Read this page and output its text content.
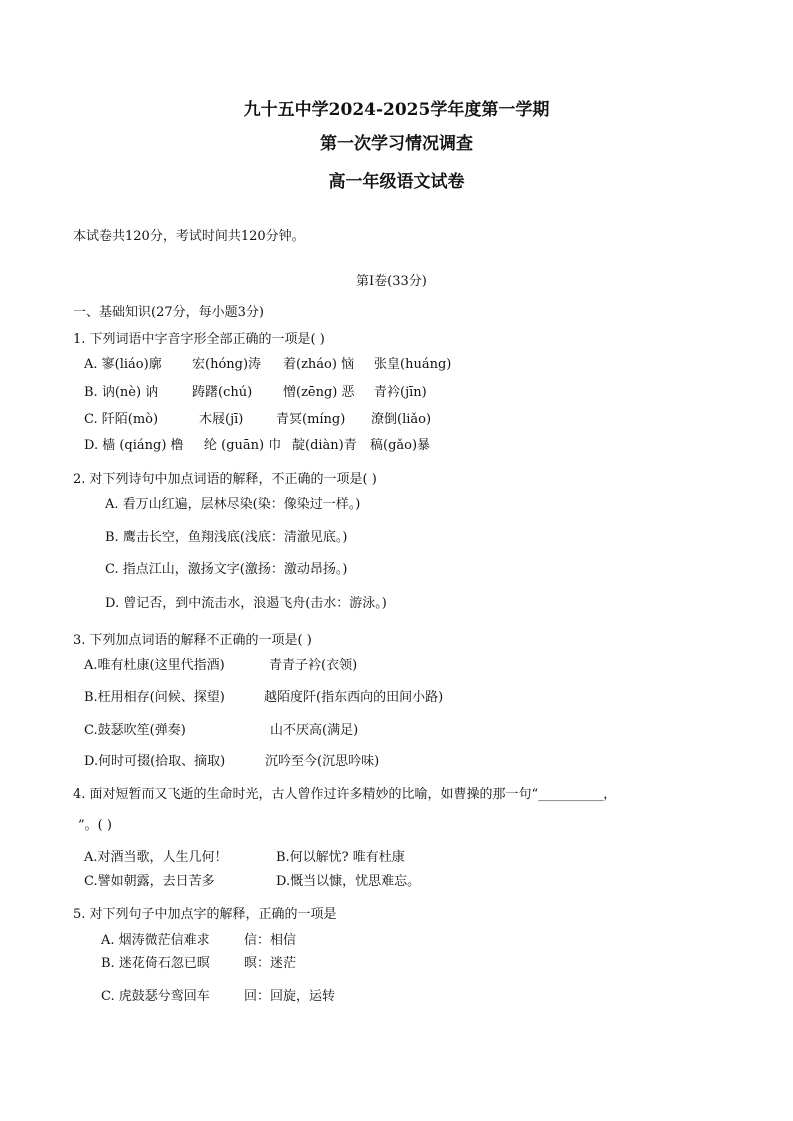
九十五中学2024-2025学年度第一学期
第一次学习情况调查
高一年级语文试卷
本试卷共120分，考试时间共120分钟。
第Ⅰ卷(33分)
一、基础知识(27分，每小题3分)
1. 下列词语中字音字形全部正确的一项是( )
A. 寥(liáo)廓 宏(hóng)涛 着(zháo) 恼 张皇(huáng)
B. 讷(nè) 讷	踌躇(chú) 憎(zēng) 恶 青衿(jīn)
C. 阡陌(mò)	木屐(jī)	青冥(míng) 潦倒(liǎo)
D. 樯 (qiáng) 橹 纶 (guān) 巾 靛(diàn)青 稿(gǎo)暴
2. 对下列诗句中加点词语的解释，不正确的一项是( )
A. 看万山红遍，层林尽染(染：像染过一样。)
B. 鹰击长空，鱼翔浅底(浅底：清澈见底。)
C. 指点江山，激扬文字(激扬：激动昂扬。)
D. 曾记否，到中流击水，浪遏飞舟(击水：游泳。)
3. 下列加点词语的解释不正确的一项是( )
A.唯有杜康(这里代指酒)	青青子衿(衣领)
B.枉用相存(问候、探望)	越陌度阡(指东西向的田间小路)
C.鼓瑟吹笙(弹奏)	山不厌高(满足)
D.何时可掇(拾取、摘取)	沉吟至今(沉思吟味)
4. 面对短暂而又飞逝的生命时光，古人曾作过许多精妙的比喻，如曹操的那一句“__________，
”。( )
A.对酒当歌，人生几何！	B.何以解忧? 唯有杜康
C.譬如朝露，去日苦多	D.慨当以慷，忧思难忘。
5. 对下列句子中加点字的解释，正确的一项是
A. 烟涛微茫信难求	信：相信
B. 迷花倚石忽已暝	暝：迷茫
C. 虎鼓瑟兮鸾回车	回：回旋，运转
